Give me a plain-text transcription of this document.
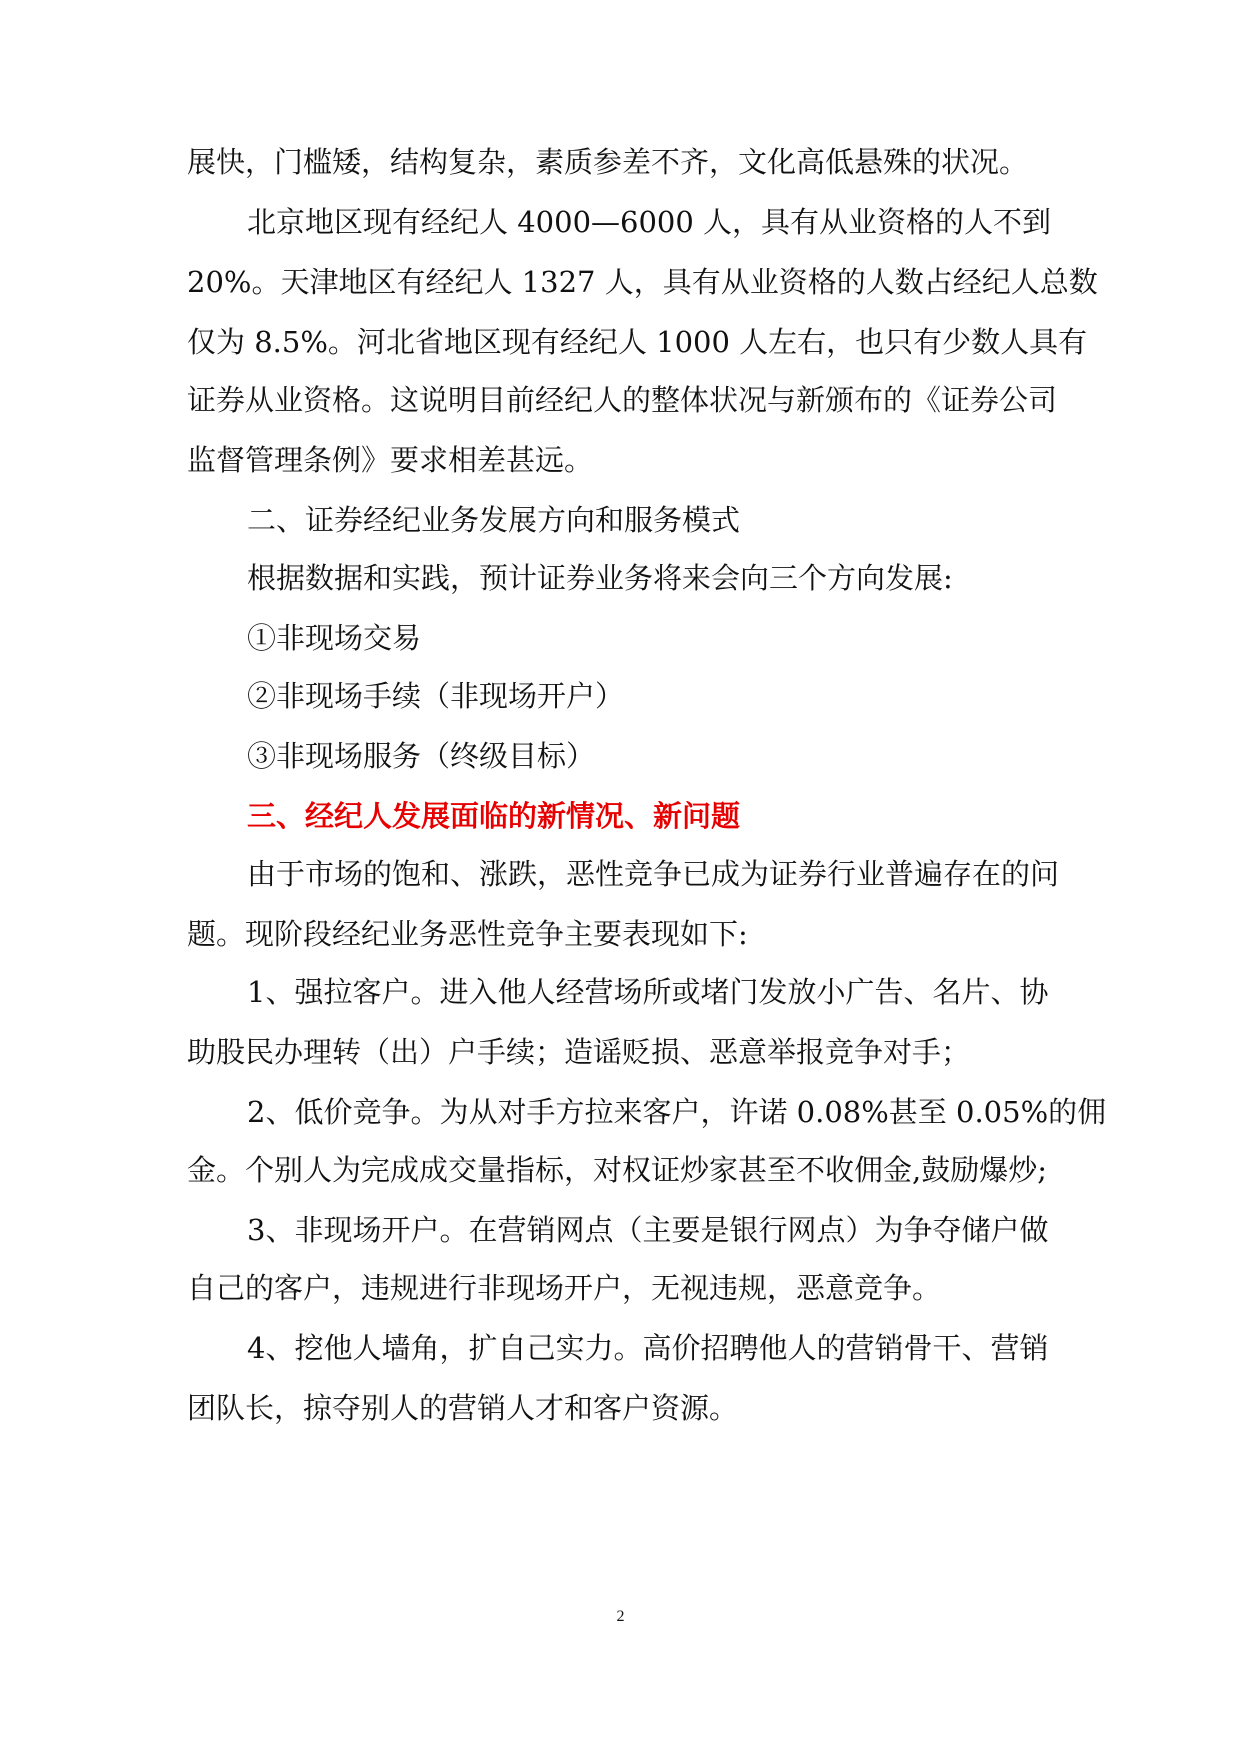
展快，门槛矮，结构复杂，素质参差不齐，文化高低悬殊的状况。

北京地区现有经纪人 4000—6000 人，具有从业资格的人不到

20%。天津地区有经纪人 1327 人，具有从业资格的人数占经纪人总数

仅为 8.5%。河北省地区现有经纪人 1000 人左右，也只有少数人具有

证券从业资格。这说明目前经纪人的整体状况与新颁布的《证券公司

监督管理条例》要求相差甚远。

二、证券经纪业务发展方向和服务模式

根据数据和实践，预计证券业务将来会向三个方向发展:

①非现场交易

②非现场手续（非现场开户）

③非现场服务（终级目标）

三、经纪人发展面临的新情况、新问题

由于市场的饱和、涨跌，恶性竞争已成为证券行业普遍存在的问

题。现阶段经纪业务恶性竞争主要表现如下:

1、强拉客户。进入他人经营场所或堵门发放小广告、名片、协

助股民办理转（出）户手续；造谣贬损、恶意举报竞争对手；

2、低价竞争。为从对手方拉来客户，许诺 0.08%甚至 0.05%的佣

金。个别人为完成成交量指标，对权证炒家甚至不收佣金,鼓励爆炒;

3、非现场开户。在营销网点（主要是银行网点）为争夺储户做

自己的客户，违规进行非现场开户，无视违规，恶意竞争。

4、挖他人墙角，扩自己实力。高价招聘他人的营销骨干、营销

团队长，掠夺别人的营销人才和客户资源。

2
